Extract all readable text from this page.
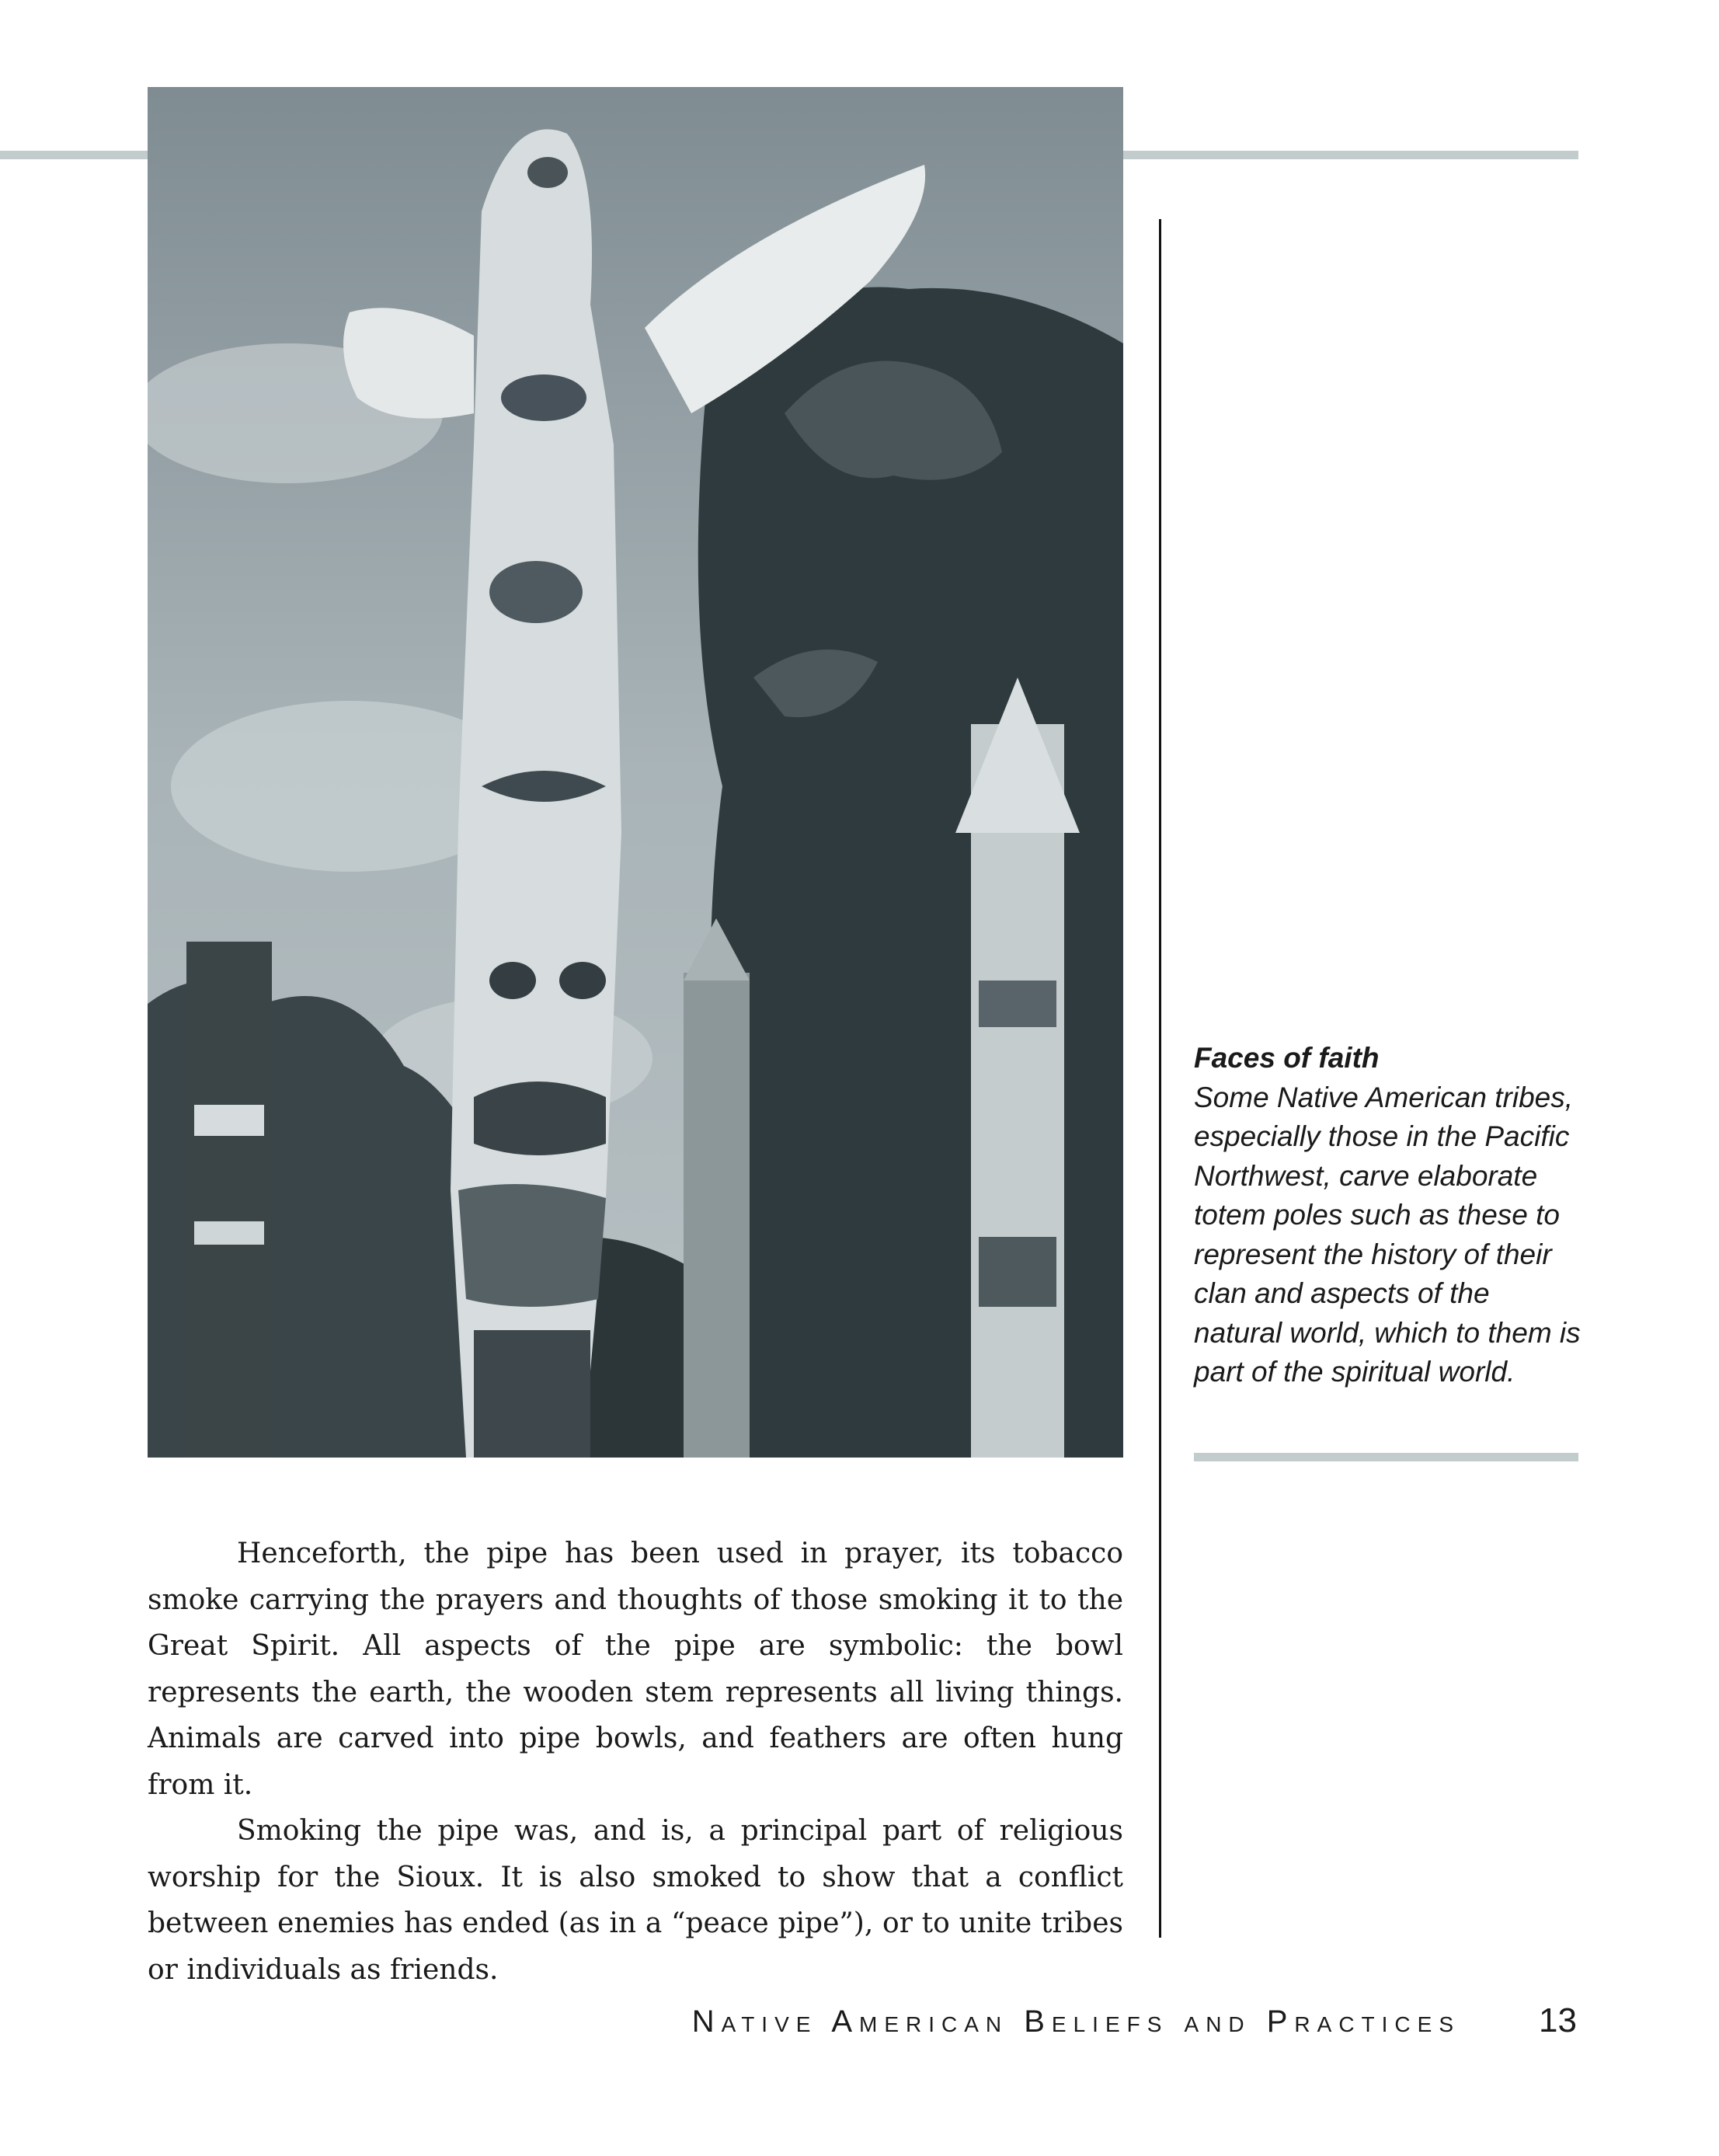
Faces of faith

Some Native American tribes, especially those in the Pacific Northwest, carve elaborate totem poles such as these to represent the history of their clan and aspects of the natural world, which to them is part of the spiritual world.

Henceforth, the pipe has been used in prayer, its tobacco smoke carrying the prayers and thoughts of those smoking it to the Great Spirit. All aspects of the pipe are symbolic: the bowl represents the earth, the wooden stem represents all living things. Animals are carved into pipe bowls, and feathers are often hung from it.

Smoking the pipe was, and is, a principal part of religious worship for the Sioux. It is also smoked to show that a conflict between enemies has ended (as in a “peace pipe”), or to unite tribes or individuals as friends.

Native American Beliefs and Practices 13
